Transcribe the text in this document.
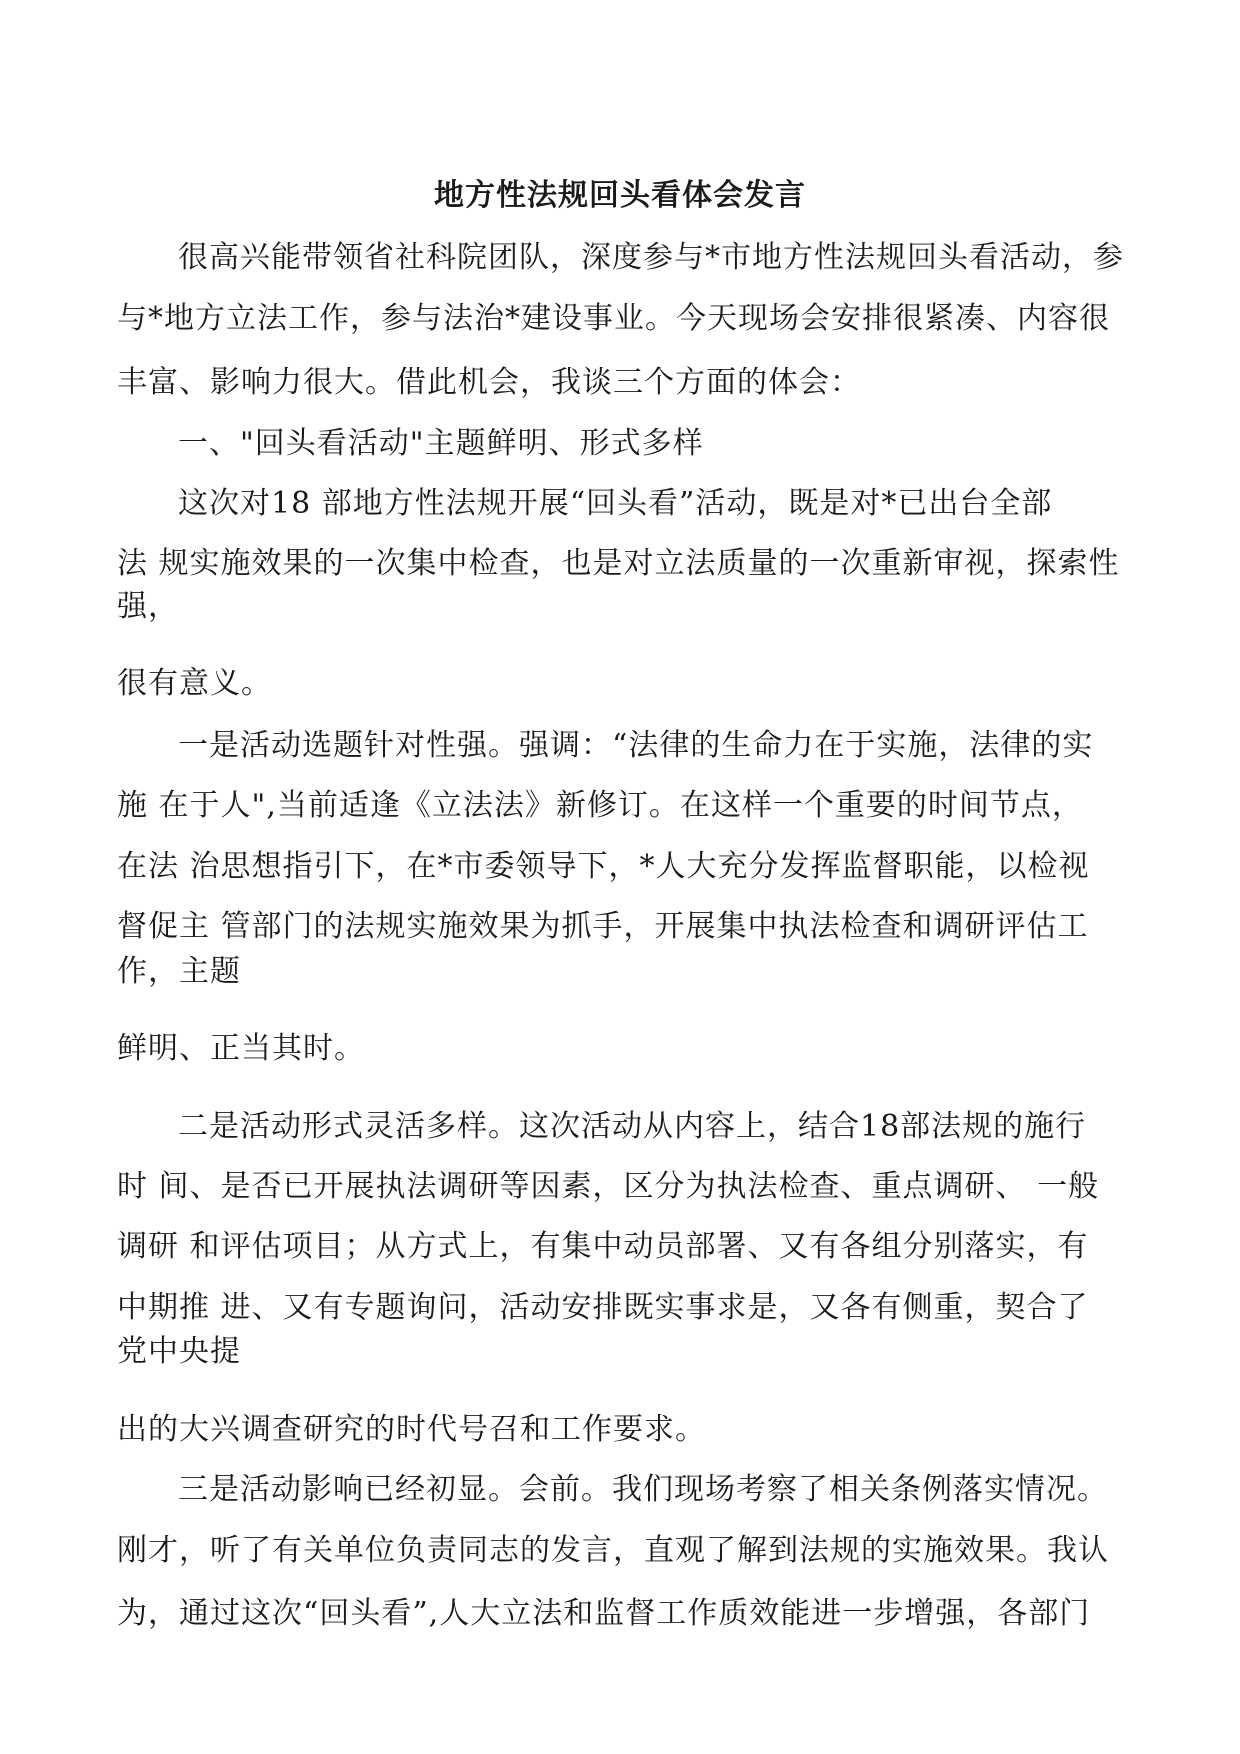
地方性法规回头看体会发言
很高兴能带领省社科院团队，深度参与*市地方性法规回头看活动，参
与*地方立法工作，参与法治*建设事业。今天现场会安排很紧凑、内容很
丰富、影响力很大。借此机会，我谈三个方面的体会：
一、"回头看活动"主题鲜明、形式多样
这次对18 部地方性法规开展“回头看”活动，既是对*已出台全部
法 规实施效果的一次集中检查，也是对立法质量的一次重新审视，探索性
强，
很有意义。
一是活动选题针对性强。强调：“法律的生命力在于实施，法律的实
施 在于人",当前适逢《立法法》新修订。在这样一个重要的时间节点，
在法 治思想指引下，在*市委领导下，*人大充分发挥监督职能，以检视
督促主 管部门的法规实施效果为抓手，开展集中执法检查和调研评估工
作，主题
鲜明、正当其时。
二是活动形式灵活多样。这次活动从内容上，结合18部法规的施行
时 间、是否已开展执法调研等因素，区分为执法检查、重点调研、 一般
调研 和评估项目；从方式上，有集中动员部署、又有各组分别落实，有
中期推 进、又有专题询问，活动安排既实事求是，又各有侧重，契合了
党中央提
出的大兴调查研究的时代号召和工作要求。
三是活动影响已经初显。会前。我们现场考察了相关条例落实情况。
刚才，听了有关单位负责同志的发言，直观了解到法规的实施效果。我认
为，通过这次“回头看”,人大立法和监督工作质效能进一步增强，各部门
